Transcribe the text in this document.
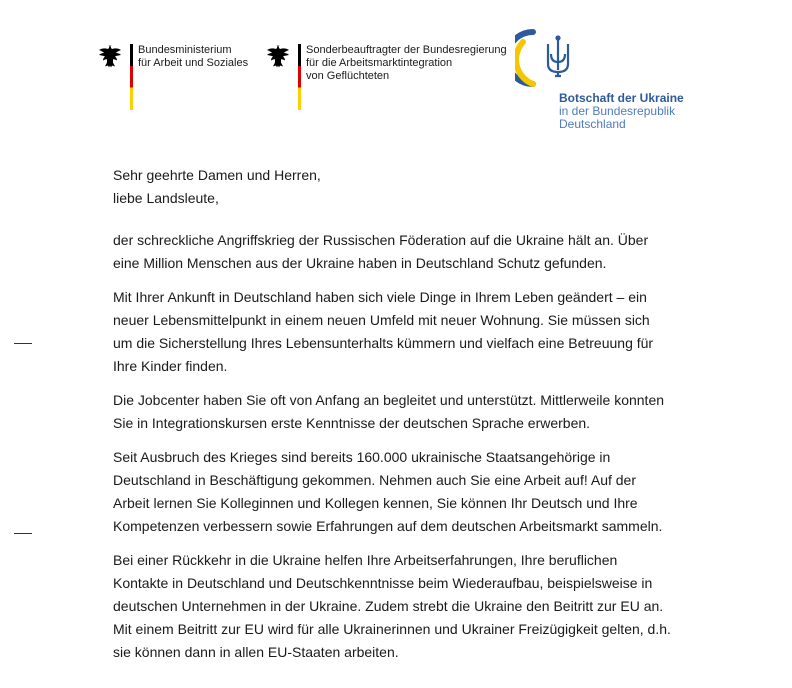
Bundesministerium
für Arbeit und Soziales
Sonderbeauftragter der Bundesregierung
für die Arbeitsmarktintegration
von Geflüchteten
Botschaft der Ukraine
in der Bundesrepublik
Deutschland

Sehr geehrte Damen und Herren,
liebe Landsleute,

der schreckliche Angriffskrieg der Russischen Föderation auf die Ukraine hält an. Über
eine Million Menschen aus der Ukraine haben in Deutschland Schutz gefunden.

Mit Ihrer Ankunft in Deutschland haben sich viele Dinge in Ihrem Leben geändert – ein
neuer Lebensmittelpunkt in einem neuen Umfeld mit neuer Wohnung. Sie müssen sich
um die Sicherstellung Ihres Lebensunterhalts kümmern und vielfach eine Betreuung für
Ihre Kinder finden.

Die Jobcenter haben Sie oft von Anfang an begleitet und unterstützt. Mittlerweile konnten
Sie in Integrationskursen erste Kenntnisse der deutschen Sprache erwerben.

Seit Ausbruch des Krieges sind bereits 160.000 ukrainische Staatsangehörige in
Deutschland in Beschäftigung gekommen. Nehmen auch Sie eine Arbeit auf! Auf der
Arbeit lernen Sie Kolleginnen und Kollegen kennen, Sie können Ihr Deutsch und Ihre
Kompetenzen verbessern sowie Erfahrungen auf dem deutschen Arbeitsmarkt sammeln.

Bei einer Rückkehr in die Ukraine helfen Ihre Arbeitserfahrungen, Ihre beruflichen
Kontakte in Deutschland und Deutschkenntnisse beim Wiederaufbau, beispielsweise in
deutschen Unternehmen in der Ukraine. Zudem strebt die Ukraine den Beitritt zur EU an.
Mit einem Beitritt zur EU wird für alle Ukrainerinnen und Ukrainer Freizügigkeit gelten, d.h.
sie können dann in allen EU-Staaten arbeiten.
